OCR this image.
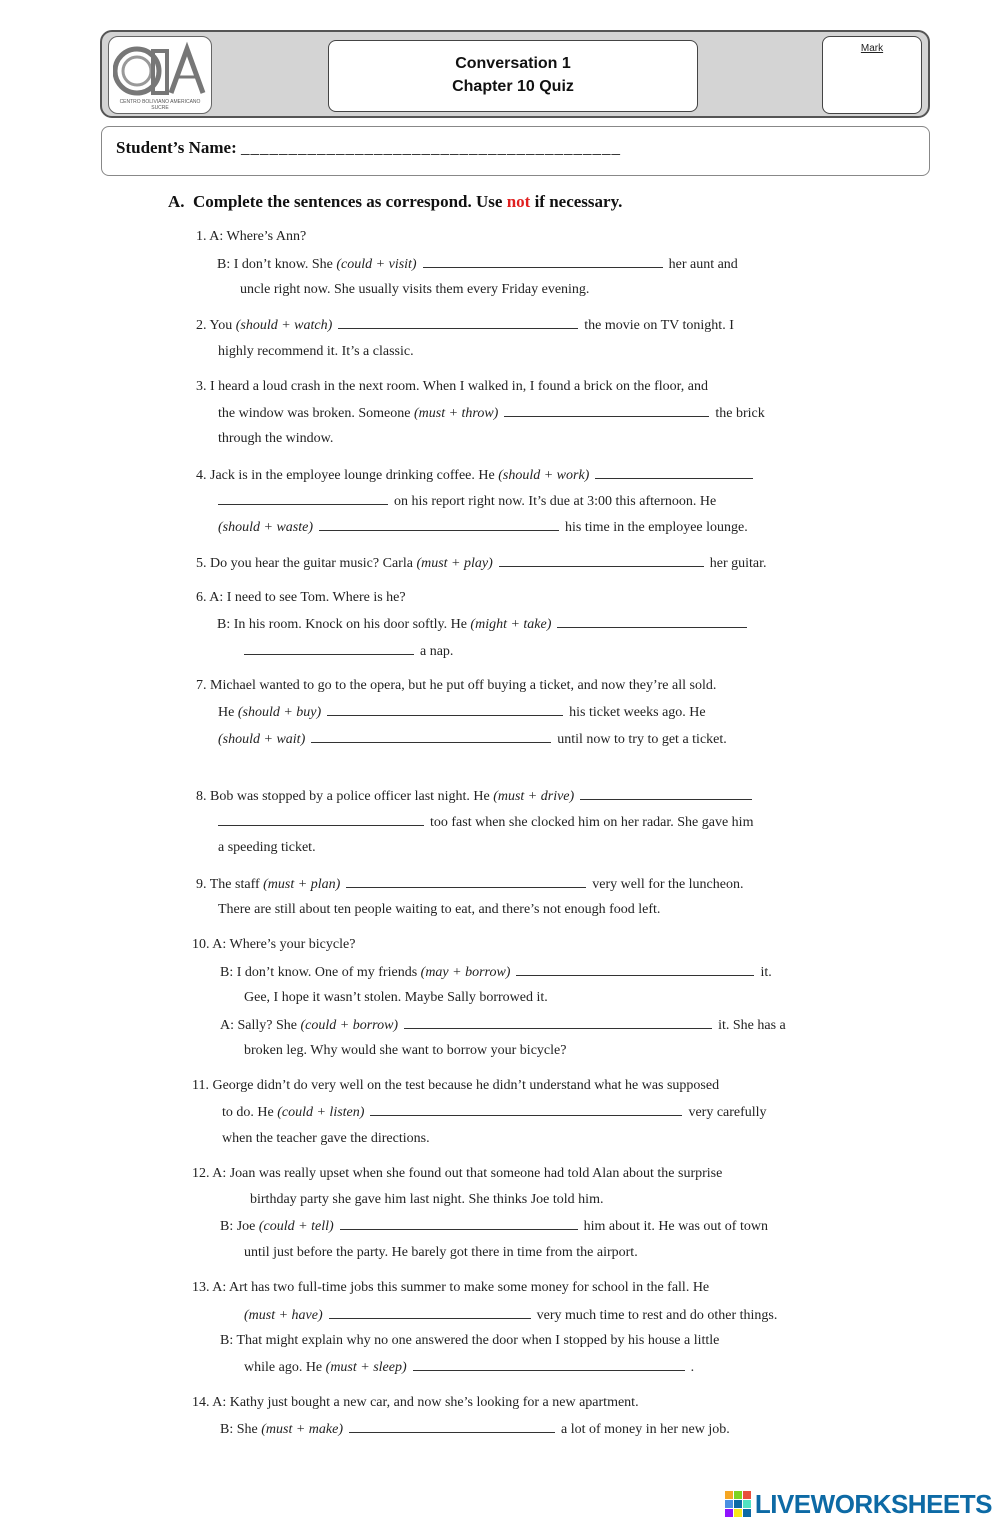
CENTRO BOLIVIANO AMERICANO SUCRE
Conversation 1
Chapter 10 Quiz
Mark
Student’s Name: ________________________________________
A. Complete the sentences as correspond. Use not if necessary.
1. A: Where’s Ann?
B: I don’t know. She (could + visit)	her aunt and
uncle right now. She usually visits them every Friday evening.
2. You (should + watch)	the movie on TV tonight. I
highly recommend it. It’s a classic.
3. I heard a loud crash in the next room. When I walked in, I found a brick on the floor, and
the window was broken. Someone (must + throw)	the brick
through the window.
4. Jack is in the employee lounge drinking coffee. He (should + work)
on his report right now. It’s due at 3:00 this afternoon. He
(should + waste)	his time in the employee lounge.
5. Do you hear the guitar music? Carla (must + play)	her guitar.
6. A: I need to see Tom. Where is he?
B: In his room. Knock on his door softly. He (might + take)
a nap.
7. Michael wanted to go to the opera, but he put off buying a ticket, and now they’re all sold.
He (should + buy)	his ticket weeks ago. He
(should + wait)	until now to try to get a ticket.
8. Bob was stopped by a police officer last night. He (must + drive)
too fast when she clocked him on her radar. She gave him
a speeding ticket.
9. The staff (must + plan)	very well for the luncheon.
There are still about ten people waiting to eat, and there’s not enough food left.
10. A: Where’s your bicycle?
B: I don’t know. One of my friends (may + borrow)	it.
Gee, I hope it wasn’t stolen. Maybe Sally borrowed it.
A: Sally? She (could + borrow)	it. She has a
broken leg. Why would she want to borrow your bicycle?
11. George didn’t do very well on the test because he didn’t understand what he was supposed
to do. He (could + listen)	very carefully
when the teacher gave the directions.
12. A: Joan was really upset when she found out that someone had told Alan about the surprise
birthday party she gave him last night. She thinks Joe told him.
B: Joe (could + tell)	him about it. He was out of town
until just before the party. He barely got there in time from the airport.
13. A: Art has two full-time jobs this summer to make some money for school in the fall. He
(must + have)	very much time to rest and do other things.
B: That might explain why no one answered the door when I stopped by his house a little
while ago. He (must + sleep)	.
14. A: Kathy just bought a new car, and now she’s looking for a new apartment.
B: She (must + make)	a lot of money in her new job.
LIVEWORKSHEETS
